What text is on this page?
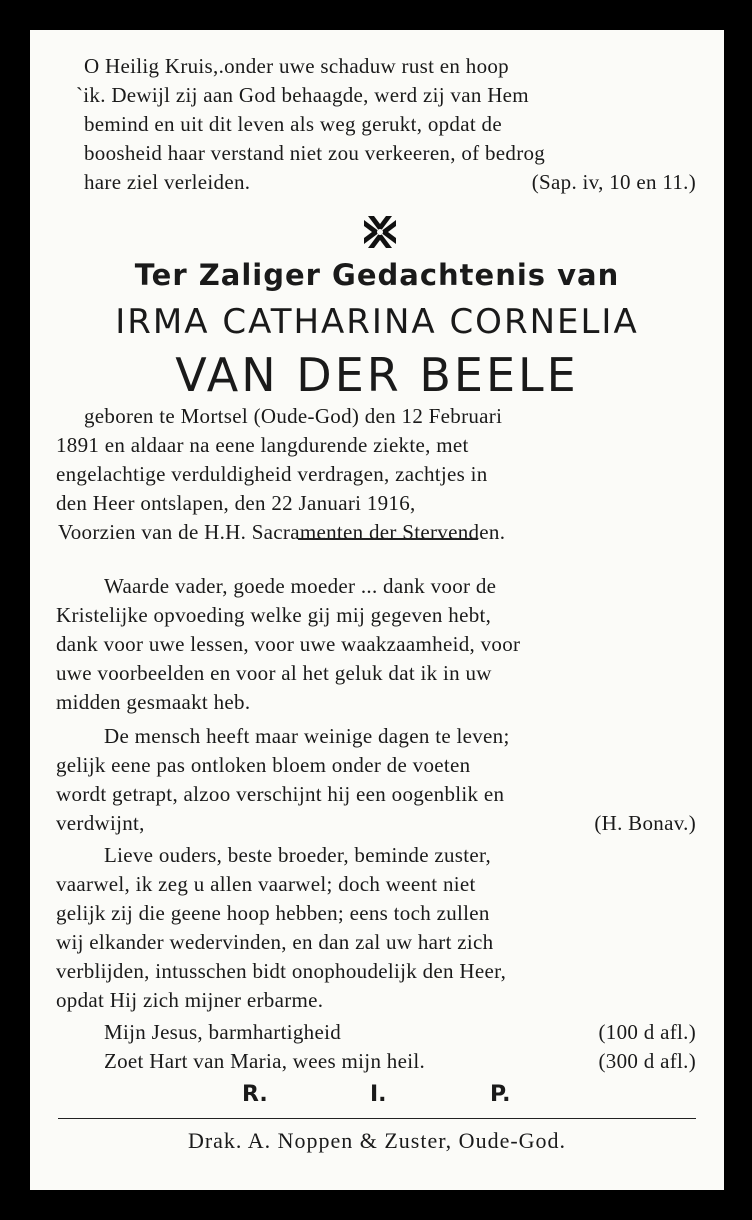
O Heilig Kruis,.onder uwe schaduw rust en hoop
`ik. Dewijl zij aan God behaagde, werd zij van Hem
bemind en uit dit leven als weg gerukt, opdat de
boosheid haar verstand niet zou verkeeren, of bedrog
hare ziel verleiden.	(Sap. iv, 10 en 11.)
Ter Zaliger Gedachtenis van
IRMA CATHARINA CORNELIA
VAN DER BEELE
geboren te Mortsel (Oude-God) den 12 Februari
1891 en aldaar na eene langdurende ziekte, met
engelachtige verduldigheid verdragen, zachtjes in
den Heer ontslapen, den 22 Januari 1916,
Voorzien van de H.H. Sacramenten der Stervenden.
Waarde vader, goede moeder ... dank voor de
Kristelijke opvoeding welke gij mij gegeven hebt,
dank voor uwe lessen, voor uwe waakzaamheid, voor
uwe voorbeelden en voor al het geluk dat ik in uw
midden gesmaakt heb.
De mensch heeft maar weinige dagen te leven;
gelijk eene pas ontloken bloem onder de voeten
wordt getrapt, alzoo verschijnt hij een oogenblik en
verdwijnt,	(H. Bonav.)
Lieve ouders, beste broeder, beminde zuster,
vaarwel, ik zeg u allen vaarwel; doch weent niet
gelijk zij die geene hoop hebben; eens toch zullen
wij elkander wedervinden, en dan zal uw hart zich
verblijden, intusschen bidt onophoudelijk den Heer,
opdat Hij zich mijner erbarme.
Mijn Jesus, barmhartigheid	(100 d afl.)
Zoet Hart van Maria, wees mijn heil.	(300 d afl.)
R.	I.	P.
Drak. A. Noppen & Zuster, Oude-God.
